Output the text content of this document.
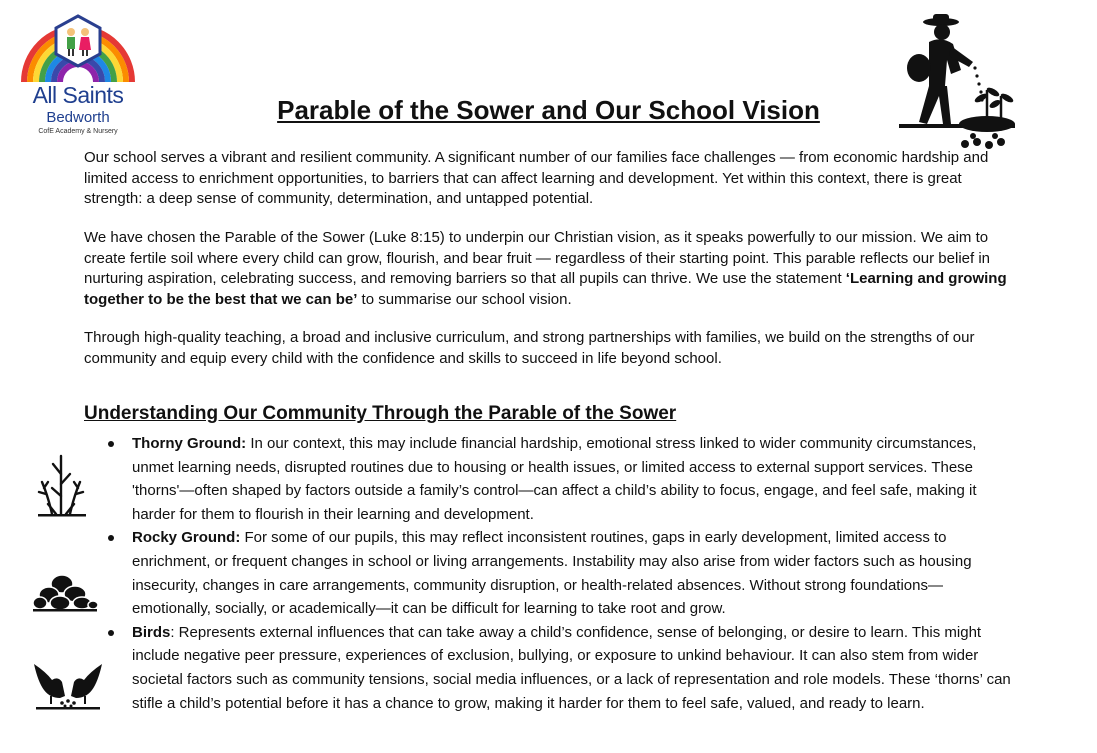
All Saints
Bedworth
CofE Academy & Nursery
Parable of the Sower and Our School Vision

Our school serves a vibrant and resilient community. A significant number of our families face challenges — from economic hardship and limited access to enrichment opportunities, to barriers that can affect learning and development. Yet within this context, there is great strength: a deep sense of community, determination, and untapped potential.

We have chosen the Parable of the Sower (Luke 8:15) to underpin our Christian vision, as it speaks powerfully to our mission. We aim to create fertile soil where every child can grow, flourish, and bear fruit — regardless of their starting point. This parable reflects our belief in nurturing aspiration, celebrating success, and removing barriers so that all pupils can thrive. We use the statement ‘Learning and growing together to be the best that we can be’ to summarise our school vision.

Through high-quality teaching, a broad and inclusive curriculum, and strong partnerships with families, we build on the strengths of our community and equip every child with the confidence and skills to succeed in life beyond school.

Understanding Our Community Through the Parable of the Sower
Thorny Ground: In our context, this may include financial hardship, emotional stress linked to wider community circumstances, unmet learning needs, disrupted routines due to housing or health issues, or limited access to external support services. These 'thorns'—often shaped by factors outside a family’s control—can affect a child’s ability to focus, engage, and feel safe, making it harder for them to flourish in their learning and development.
Rocky Ground: For some of our pupils, this may reflect inconsistent routines, gaps in early development, limited access to enrichment, or frequent changes in school or living arrangements. Instability may also arise from wider factors such as housing insecurity, changes in care arrangements, community disruption, or health-related absences. Without strong foundations—emotionally, socially, or academically—it can be difficult for learning to take root and grow.
Birds: Represents external influences that can take away a child’s confidence, sense of belonging, or desire to learn. This might include negative peer pressure, experiences of exclusion, bullying, or exposure to unkind behaviour. It can also stem from wider societal factors such as community tensions, social media influences, or a lack of representation and role models. These ‘thorns’ can stifle a child’s potential before it has a chance to grow, making it harder for them to feel safe, valued, and ready to learn.
